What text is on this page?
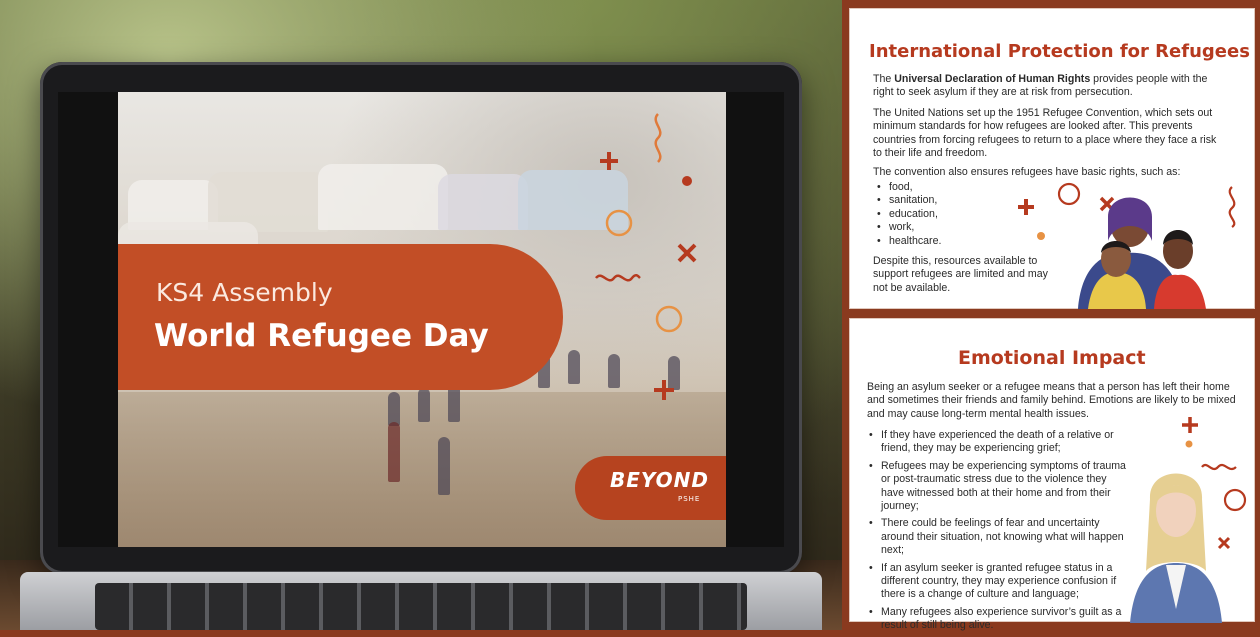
KS4 Assembly
World Refugee Day
BEYOND
PSHE
International Protection for Refugees
The Universal Declaration of Human Rights provides people with the right to seek asylum if they are at risk from persecution.
The United Nations set up the 1951 Refugee Convention, which sets out minimum standards for how refugees are looked after. This prevents countries from forcing refugees to return to a place where they face a risk to their life and freedom.
The convention also ensures refugees have basic rights, such as:
• food,
• sanitation,
• education,
• work,
• healthcare.
Despite this, resources available to support refugees are limited and may not be available.
Emotional Impact
Being an asylum seeker or a refugee means that a person has left their home and sometimes their friends and family behind. Emotions are likely to be mixed and may cause long-term mental health issues.
• If they have experienced the death of a relative or friend, they may be experiencing grief;
• Refugees may be experiencing symptoms of trauma or post-traumatic stress due to the violence they have witnessed both at their home and from their journey;
• There could be feelings of fear and uncertainty around their situation, not knowing what will happen next;
• If an asylum seeker is granted refugee status in a different country, they may experience confusion if there is a change of culture and language;
• Many refugees also experience survivor’s guilt as a result of still being alive.
